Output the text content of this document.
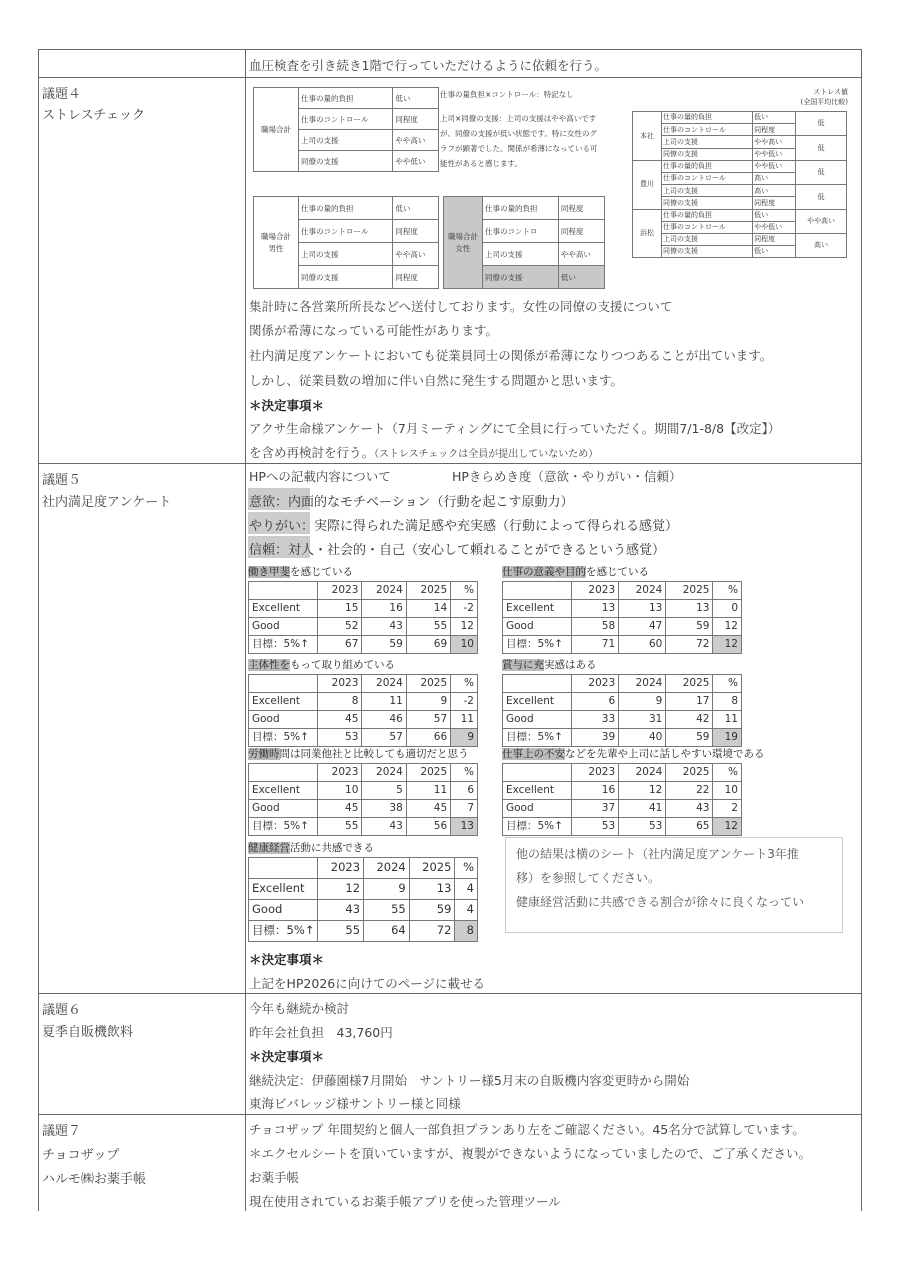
血圧検査を引き続き1階で行っていただけるように依頼を行う。
議題４
ストレスチェック
職場合計	仕事の量的負担	低い
	仕事のコントロール	同程度
	上司の支援	やや高い
	同僚の支援	やや低い
仕事の量負担×コントロール：特記なし
上司×同僚の支援：上司の支援はやや高いです
が、同僚の支援が低い状態です。特に女性のグ
ラフが顕著でした。関係が希薄になっている可
能性があると感じます。
職場合計
男性	仕事の量的負担	低い
	仕事のコントロール	同程度
	上司の支援	やや高い
	同僚の支援	同程度
職場合計
女性	仕事の量的負担	同程度
	仕事のコントロ	同程度
	上司の支援	やや高い
	同僚の支援	低い
ストレス値
(全国平均比較)
本社	仕事の量的負担	低い	低
	仕事のコントロール	同程度	
	上司の支援	やや高い	低
	同僚の支援	やや低い	
豊川	仕事の量的負担	やや低い	低
	仕事のコントロール	高い	
	上司の支援	高い	低
	同僚の支援	同程度	
浜松	仕事の量的負担	低い	やや高い
	仕事のコントロール	やや低い	
	上司の支援	同程度	高い
	同僚の支援	低い	
集計時に各営業所所長などへ送付しております。女性の同僚の支援について
関係が希薄になっている可能性があります。
社内満足度アンケートにおいても従業員同士の関係が希薄になりつつあることが出ています。
しかし、従業員数の増加に伴い自然に発生する問題かと思います。
＊決定事項＊
アクサ生命様アンケート（7月ミーティングにて全員に行っていただく。期間7/1-8/8【改定】）
を含め再検討を行う。（ストレスチェックは全員が提出していないため）
議題５
社内満足度アンケート
HPへの記載内容について	HPきらめき度（意欲・やりがい・信頼）
意欲：内面的なモチベーション（行動を起こす原動力）
やりがい：実際に得られた満足感や充実感（行動によって得られる感覚）
信頼：対人・社会的・自己（安心して頼れることができるという感覚）
働き甲斐を感じている
	2023	2024	2025	%
Excellent	15	16	14	-2
Good	52	43	55	12
目標：5%↑	67	59	69	10
仕事の意義や目的を感じている
	2023	2024	2025	%
Excellent	13	13	13	0
Good	58	47	59	12
目標：5%↑	71	60	72	12
主体性をもって取り組めている
	2023	2024	2025	%
Excellent	8	11	9	-2
Good	45	46	57	11
目標：5%↑	53	57	66	9
賞与に充実感はある
	2023	2024	2025	%
Excellent	6	9	17	8
Good	33	31	42	11
目標：5%↑	39	40	59	19
労働時間は同業他社と比較しても適切だと思う
	2023	2024	2025	%
Excellent	10	5	11	6
Good	45	38	45	7
目標：5%↑	55	43	56	13
仕事上の不安などを先輩や上司に話しやすい環境である
	2023	2024	2025	%
Excellent	16	12	22	10
Good	37	41	43	2
目標：5%↑	53	53	65	12
健康経営活動に共感できる
	2023	2024	2025	%
Excellent	12	9	13	4
Good	43	55	59	4
目標：5%↑	55	64	72	8
他の結果は横のシート（社内満足度アンケート3年推
移）を参照してください。
健康経営活動に共感できる割合が徐々に良くなってい
＊決定事項＊
上記をHP2026に向けてのページに載せる
議題６
夏季自販機飲料
今年も継続か検討
昨年会社負担　43,760円
＊決定事項＊
継続決定：伊藤園様7月開始　サントリー様5月末の自販機内容変更時から開始
東海ビバレッジ様サントリー様と同様
議題７
チョコザップ
ハルモ㈱お薬手帳
チョコザップ 年間契約と個人一部負担プランあり左をご確認ください。45名分で試算しています。
＊エクセルシートを頂いていますが、複製ができないようになっていましたので、ご了承ください。
お薬手帳
現在使用されているお薬手帳アプリを使った管理ツール
